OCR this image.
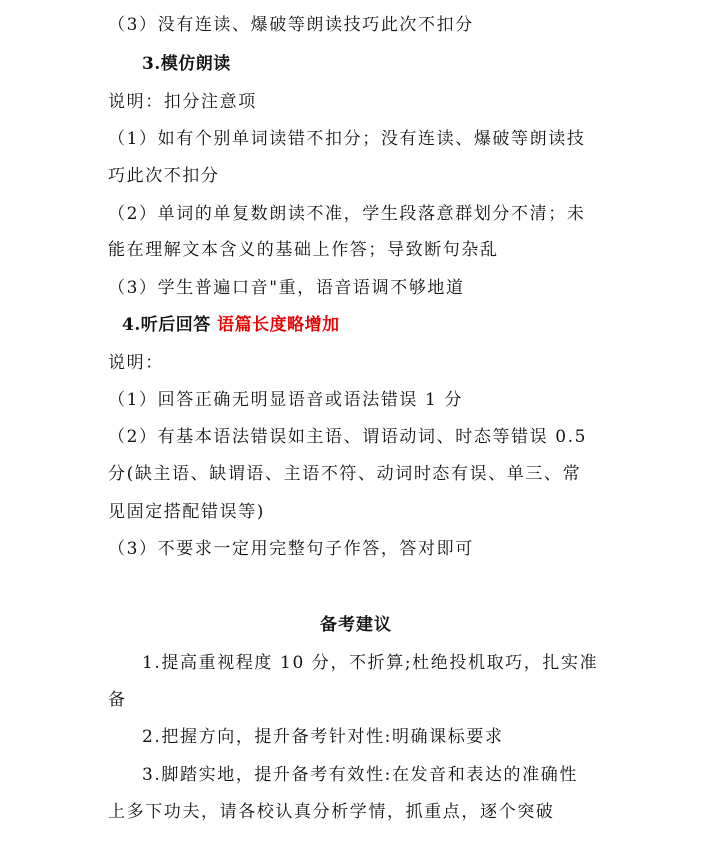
（3）没有连读、爆破等朗读技巧此次不扣分
3.模仿朗读
说明：扣分注意项
（1）如有个别单词读错不扣分；没有连读、爆破等朗读技
巧此次不扣分
（2）单词的单复数朗读不准，学生段落意群划分不清；未
能在理解文本含义的基础上作答；导致断句杂乱
（3）学生普遍口音"重，语音语调不够地道
4.听后回答 语篇长度略增加
说明：
（1）回答正确无明显语音或语法错误 1 分
（2）有基本语法错误如主语、谓语动词、时态等错误 0.5
分(缺主语、缺谓语、主语不符、动词时态有误、单三、常
见固定搭配错误等)
（3）不要求一定用完整句子作答，答对即可
备考建议
1.提高重视程度 10 分，不折算;杜绝投机取巧，扎实准
备
2.把握方向，提升备考针对性:明确课标要求
3.脚踏实地，提升备考有效性:在发音和表达的准确性
上多下功夫，请各校认真分析学情，抓重点，逐个突破
